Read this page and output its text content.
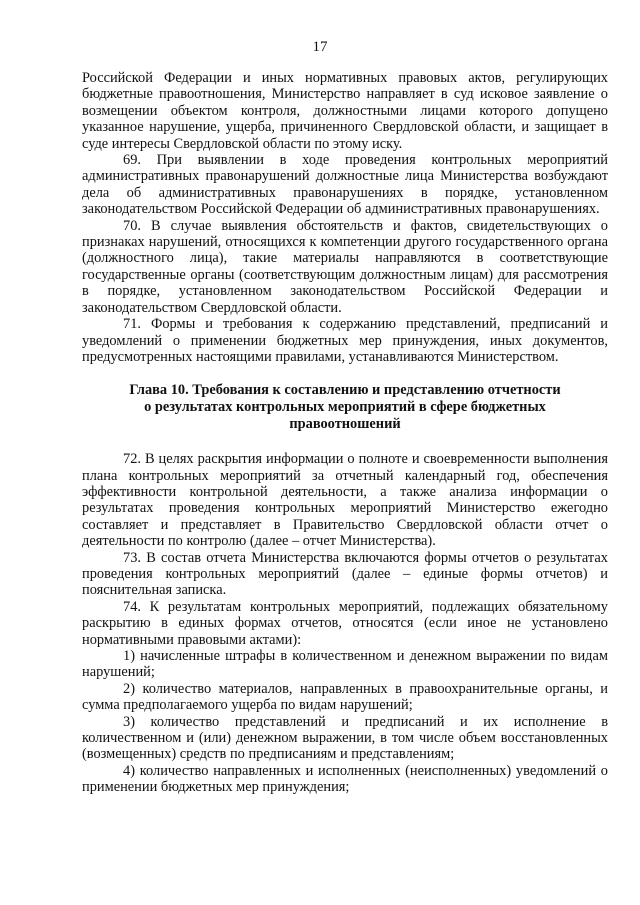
17

Российской Федерации и иных нормативных правовых актов, регулирующих бюджетные правоотношения, Министерство направляет в суд исковое заявление о возмещении объектом контроля, должностными лицами которого допущено указанное нарушение, ущерба, причиненного Свердловской области, и защищает в суде интересы Свердловской области по этому иску.

69. При выявлении в ходе проведения контрольных мероприятий административных правонарушений должностные лица Министерства возбуждают дела об административных правонарушениях в порядке, установленном законодательством Российской Федерации об административных правонарушениях.

70. В случае выявления обстоятельств и фактов, свидетельствующих о признаках нарушений, относящихся к компетенции другого государственного органа (должностного лица), такие материалы направляются в соответствующие государственные органы (соответствующим должностным лицам) для рассмотрения в порядке, установленном законодательством Российской Федерации и законодательством Свердловской области.

71. Формы и требования к содержанию представлений, предписаний и уведомлений о применении бюджетных мер принуждения, иных документов, предусмотренных настоящими правилами, устанавливаются Министерством.

Глава 10. Требования к составлению и представлению отчетности
о результатах контрольных мероприятий в сфере бюджетных
правоотношений

72. В целях раскрытия информации о полноте и своевременности выполнения плана контрольных мероприятий за отчетный календарный год, обеспечения эффективности контрольной деятельности, а также анализа информации о результатах проведения контрольных мероприятий Министерство ежегодно составляет и представляет в Правительство Свердловской области отчет о деятельности по контролю (далее – отчет Министерства).

73. В состав отчета Министерства включаются формы отчетов о результатах проведения контрольных мероприятий (далее – единые формы отчетов) и пояснительная записка.

74. К результатам контрольных мероприятий, подлежащих обязательному раскрытию в единых формах отчетов, относятся (если иное не установлено нормативными правовыми актами):

1) начисленные штрафы в количественном и денежном выражении по видам нарушений;

2) количество материалов, направленных в правоохранительные органы, и сумма предполагаемого ущерба по видам нарушений;

3) количество представлений и предписаний и их исполнение в количественном и (или) денежном выражении, в том числе объем восстановленных (возмещенных) средств по предписаниям и представлениям;

4) количество направленных и исполненных (неисполненных) уведомлений о применении бюджетных мер принуждения;
